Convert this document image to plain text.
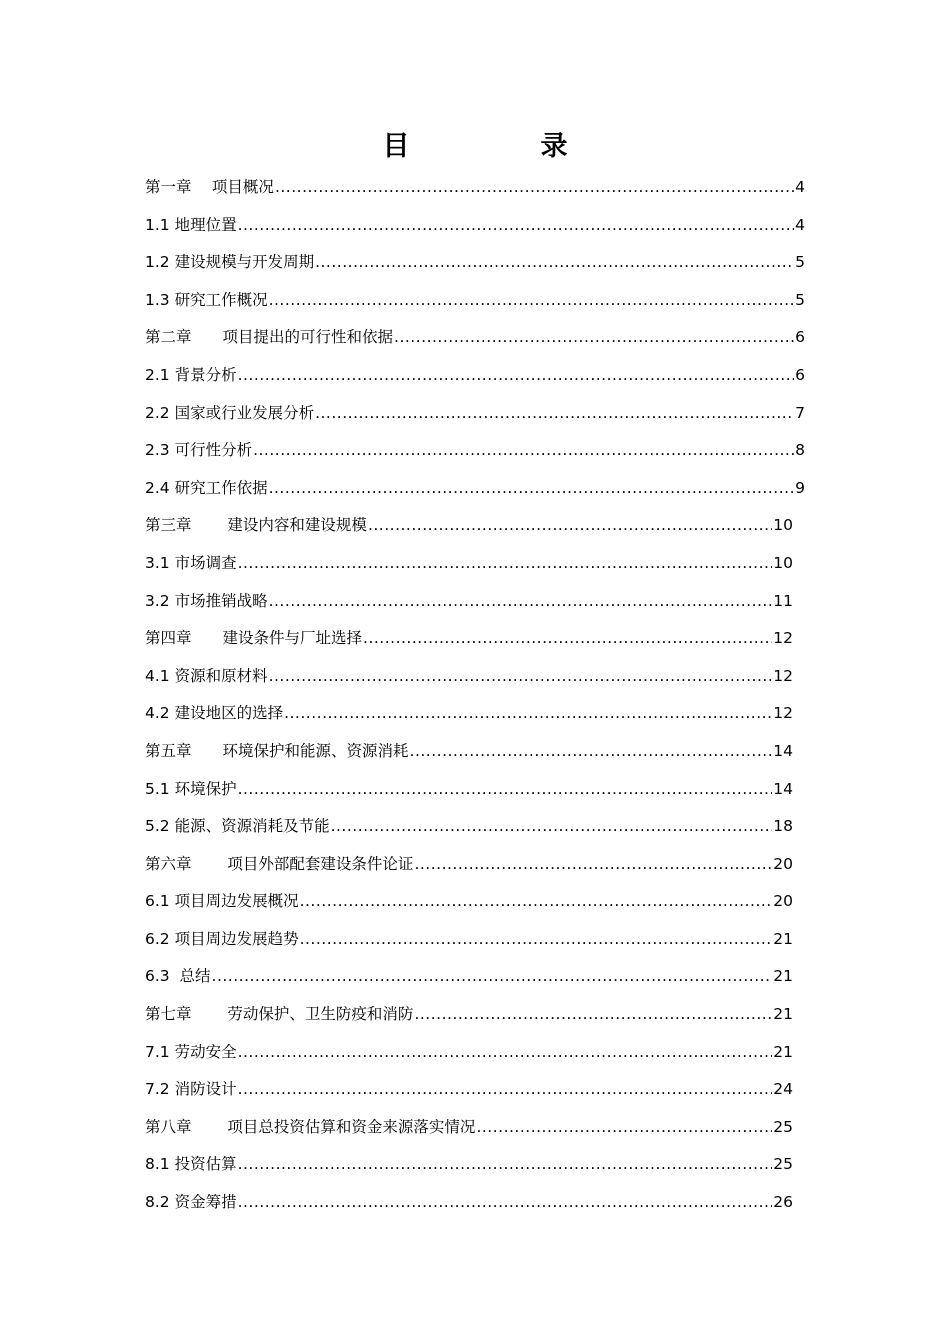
目　录
第一章　 项目概况 .....	4
1.1 地理位置 .....	4
1.2 建设规模与开发周期 .....	5
1.3 研究工作概况 .....	5
第二章　　项目提出的可行性和依据 .....	6
2.1 背景分析 .....	6
2.2 国家或行业发展分析 .....	7
2.3 可行性分析 .....	8
2.4 研究工作依据 .....	9
第三章　　 建设内容和建设规模 .....	10
3.1 市场调查 .....	10
3.2 市场推销战略 .....	11
第四章　　建设条件与厂址选择 .....	12
4.1 资源和原材料 .....	12
4.2 建设地区的选择 .....	12
第五章　　环境保护和能源、资源消耗 .....	14
5.1 环境保护 .....	14
5.2 能源、资源消耗及节能 .....	18
第六章　　 项目外部配套建设条件论证 .....	20
6.1 项目周边发展概况 .....	20
6.2 项目周边发展趋势 .....	21
6.3  总结 .....	21
第七章　　 劳动保护、卫生防疫和消防 .....	21
7.1 劳动安全 .....	21
7.2 消防设计 .....	24
第八章　　 项目总投资估算和资金来源落实情况 .....	25
8.1 投资估算 .....	25
8.2 资金筹措 .....	26
